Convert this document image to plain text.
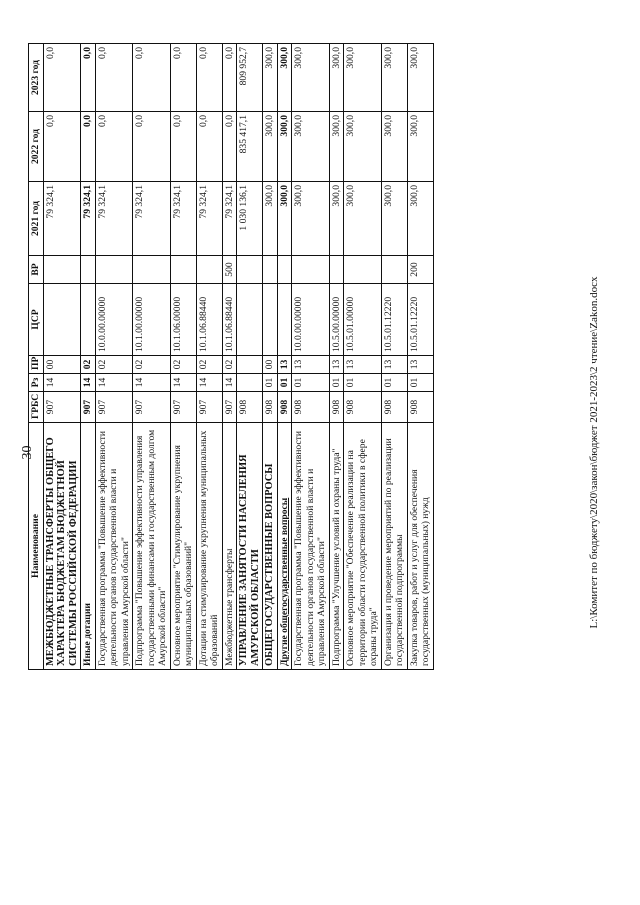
30
Наименование	ГРБС	Рз	ПР	ЦСР	ВР	2021 год	2022 год	2023 год
МЕЖБЮДЖЕТНЫЕ ТРАНСФЕРТЫ ОБЩЕГО ХАРАКТЕРА БЮДЖЕТАМ БЮДЖЕТНОЙ СИСТЕМЫ РОССИЙСКОЙ ФЕДЕРАЦИИ	907	14	00			79 324,1	0,0	0,0
Иные дотации	907	14	02			79 324,1	0,0	0,0
Государственная программа "Повышение эффективности деятельности органов государственной власти и управления Амурской области"	907	14	02	10.0.00.00000		79 324,1	0,0	0,0
Подпрограмма "Повышение эффективности управления государственными финансами и государственным долгом Амурской области"	907	14	02	10.1.00.00000		79 324,1	0,0	0,0
Основное мероприятие "Стимулирование укрупнения муниципальных образований"	907	14	02	10.1.06.00000		79 324,1	0,0	0,0
Дотации на стимулирование укрупнения муниципальных образований	907	14	02	10.1.06.88440		79 324,1	0,0	0,0
Межбюджетные трансферты	907	14	02	10.1.06.88440	500	79 324,1	0,0	0,0
УПРАВЛЕНИЕ ЗАНЯТОСТИ НАСЕЛЕНИЯ АМУРСКОЙ ОБЛАСТИ	908					1 030 136,1	835 417,1	809 952,7
ОБЩЕГОСУДАРСТВЕННЫЕ ВОПРОСЫ	908	01	00			300,0	300,0	300,0
Другие общегосударственные вопросы	908	01	13			300,0	300,0	300,0
Государственная программа "Повышение эффективности деятельности органов государственной власти и управления Амурской области"	908	01	13	10.0.00.00000		300,0	300,0	300,0
Подпрограмма "Улучшение условий и охраны труда"	908	01	13	10.5.00.00000		300,0	300,0	300,0
Основное мероприятие "Обеспечение реализации на территории области государственной политики в сфере охраны труда"	908	01	13	10.5.01.00000		300,0	300,0	300,0
Организация и проведение мероприятий по реализации государственной подпрограммы	908	01	13	10.5.01.12220		300,0	300,0	300,0
Закупка товаров, работ и услуг для обеспечения государственных (муниципальных) нужд	908	01	13	10.5.01.12220	200	300,0	300,0	300,0
L:\Комитет по бюджету\2020\закон\бюджет 2021-2023\2 чтение\Zakon.docx
